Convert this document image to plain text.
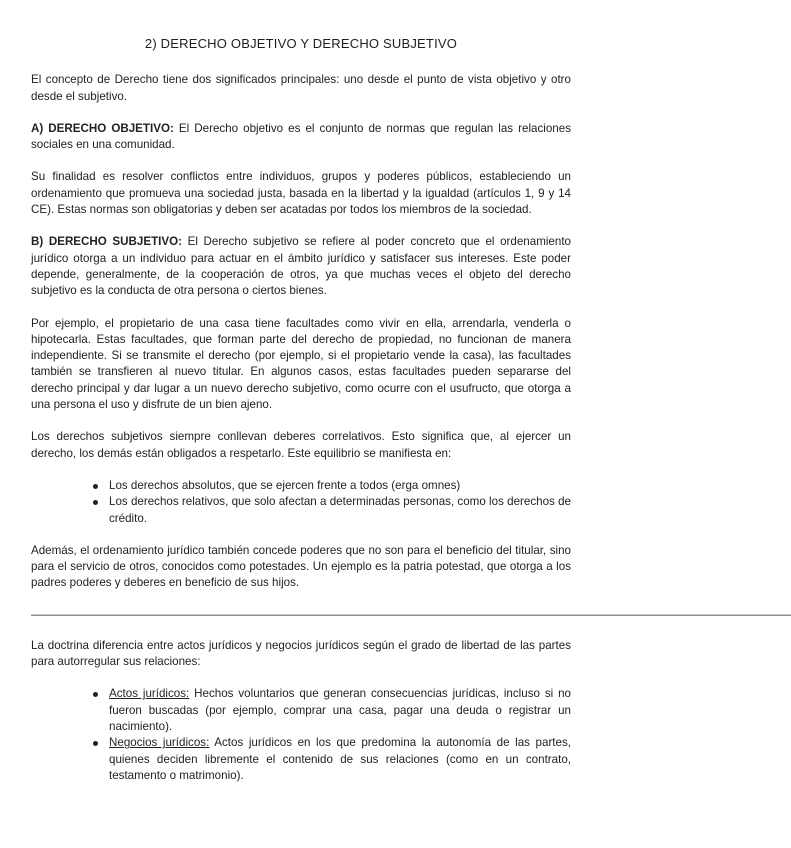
2) DERECHO OBJETIVO Y DERECHO SUBJETIVO

El concepto de Derecho tiene dos significados principales: uno desde el punto de vista objetivo y otro desde el subjetivo.

A) DERECHO OBJETIVO: El Derecho objetivo es el conjunto de normas que regulan las relaciones sociales en una comunidad.

Su finalidad es resolver conflictos entre individuos, grupos y poderes públicos, estableciendo un ordenamiento que promueva una sociedad justa, basada en la libertad y la igualdad (artículos 1, 9 y 14 CE). Estas normas son obligatorias y deben ser acatadas por todos los miembros de la sociedad.

B) DERECHO SUBJETIVO: El Derecho subjetivo se refiere al poder concreto que el ordenamiento jurídico otorga a un individuo para actuar en el ámbito jurídico y satisfacer sus intereses. Este poder depende, generalmente, de la cooperación de otros, ya que muchas veces el objeto del derecho subjetivo es la conducta de otra persona o ciertos bienes.

Por ejemplo, el propietario de una casa tiene facultades como vivir en ella, arrendarla, venderla o hipotecarla. Estas facultades, que forman parte del derecho de propiedad, no funcionan de manera independiente. Si se transmite el derecho (por ejemplo, si el propietario vende la casa), las facultades también se transfieren al nuevo titular. En algunos casos, estas facultades pueden separarse del derecho principal y dar lugar a un nuevo derecho subjetivo, como ocurre con el usufructo, que otorga a una persona el uso y disfrute de un bien ajeno.

Los derechos subjetivos siempre conllevan deberes correlativos. Esto significa que, al ejercer un derecho, los demás están obligados a respetarlo. Este equilibrio se manifiesta en:

Los derechos absolutos, que se ejercen frente a todos (erga omnes)
Los derechos relativos, que solo afectan a determinadas personas, como los derechos de crédito.

Además, el ordenamiento jurídico también concede poderes que no son para el beneficio del titular, sino para el servicio de otros, conocidos como potestades. Un ejemplo es la patria potestad, que otorga a los padres poderes y deberes en beneficio de sus hijos.

———————————————————————————————————————————————————————————————————————

La doctrina diferencia entre actos jurídicos y negocios jurídicos según el grado de libertad de las partes para autorregular sus relaciones:

Actos jurídicos: Hechos voluntarios que generan consecuencias jurídicas, incluso si no fueron buscadas (por ejemplo, comprar una casa, pagar una deuda o registrar un nacimiento).
Negocios jurídicos: Actos jurídicos en los que predomina la autonomía de las partes, quienes deciden libremente el contenido de sus relaciones (como en un contrato, testamento o matrimonio).
